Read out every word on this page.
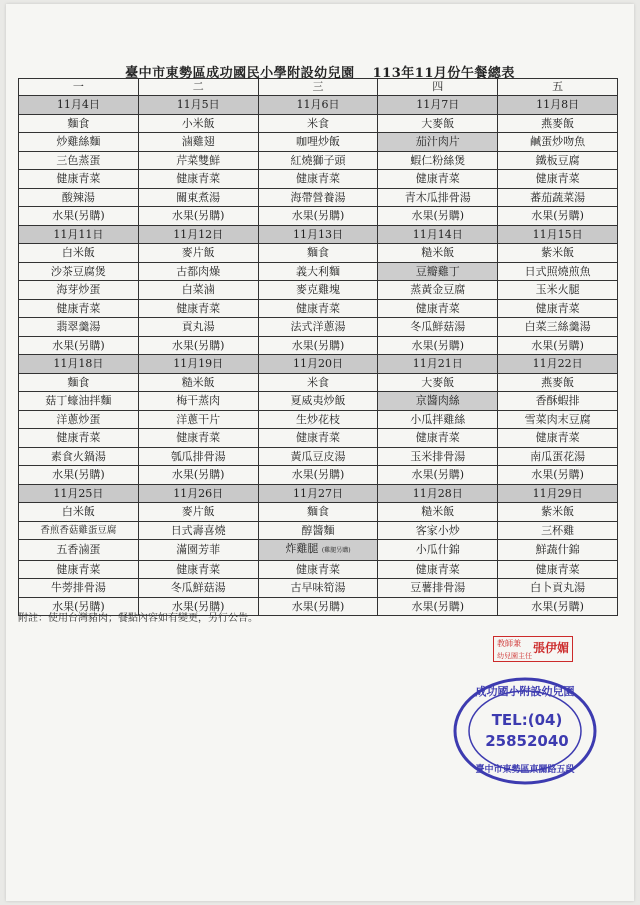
臺中市東勢區成功國民小學附設幼兒園 113年11月份午餐總表
一	二	三	四	五
11月4日	11月5日	11月6日	11月7日	11月8日
麵食	小米飯	米食	大麥飯	燕麥飯
炒雞絲麵	滷雞翅	咖哩炒飯	茄汁肉片	鹹蛋炒吻魚
三色蒸蛋	芹菜雙鮮	紅燒獅子頭	蝦仁粉絲煲	鐵板豆腐
健康青菜	健康青菜	健康青菜	健康青菜	健康青菜
酸辣湯	關東煮湯	海帶營養湯	青木瓜排骨湯	蕃茄蔬菜湯
水果(另購)	水果(另購)	水果(另購)	水果(另購)	水果(另購)
11月11日	11月12日	11月13日	11月14日	11月15日
白米飯	麥片飯	麵食	糙米飯	紫米飯
沙茶豆腐煲	古都肉燥	義大利麵	豆瓣雞丁	日式照燒煎魚
海芽炒蛋	白菜滷	麥克雞塊	蒸黃金豆腐	玉米火腿
健康青菜	健康青菜	健康青菜	健康青菜	健康青菜
翡翠羹湯	貢丸湯	法式洋蔥湯	冬瓜鮮菇湯	白菜三絲羹湯
水果(另購)	水果(另購)	水果(另購)	水果(另購)	水果(另購)
11月18日	11月19日	11月20日	11月21日	11月22日
麵食	糙米飯	米食	大麥飯	燕麥飯
菇丁蠔油拌麵	梅干蒸肉	夏威夷炒飯	京醬肉絲	香酥蝦排
洋蔥炒蛋	洋蔥干片	生炒花枝	小瓜拌雞絲	雪菜肉末豆腐
健康青菜	健康青菜	健康青菜	健康青菜	健康青菜
素食火鍋湯	瓠瓜排骨湯	黃瓜豆皮湯	玉米排骨湯	南瓜蛋花湯
水果(另購)	水果(另購)	水果(另購)	水果(另購)	水果(另購)
11月25日	11月26日	11月27日	11月28日	11月29日
白米飯	麥片飯	麵食	糙米飯	紫米飯
香煎香菇雞蛋豆腐	日式壽喜燒	醇醬麵	客家小炒	三杯雞
五香滷蛋	滿園芳菲	炸雞腿 (雞腿另購)	小瓜什錦	鮮蔬什錦
健康青菜	健康青菜	健康青菜	健康青菜	健康青菜
牛蒡排骨湯	冬瓜鮮菇湯	古早味筍湯	豆薯排骨湯	白卜貢丸湯
水果(另購)	水果(另購)	水果(另購)	水果(另購)	水果(另購)
附註：使用台灣豬肉；餐點內容如有變更，另行公告。
教師兼
幼兒園主任
張伊媚
成功國小附設幼兒園
TEL:(04)
25852040
臺中市東勢區東關路五段
